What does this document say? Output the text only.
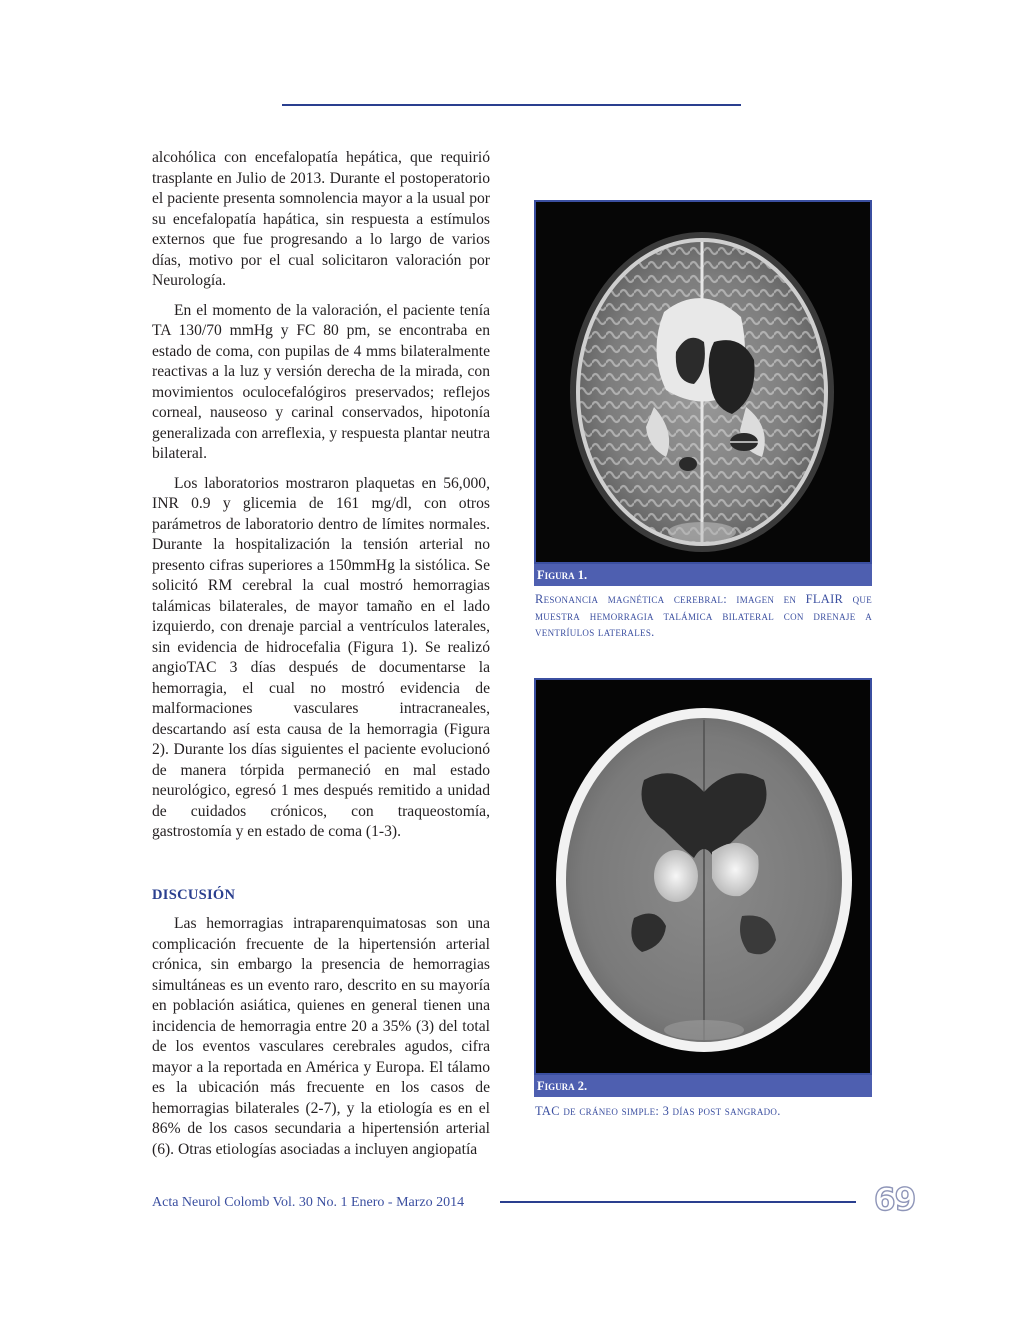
alcohólica con encefalopatía hepática, que requirió trasplante en Julio de 2013. Durante el postoperatorio el paciente presenta somnolencia mayor a la usual por su encefalopatía hapática, sin respuesta a estímulos externos que fue progresando a lo largo de varios días, motivo por el cual solicitaron valoración por Neurología.

En el momento de la valoración, el paciente tenía TA 130/70 mmHg y FC 80 pm, se encontraba en estado de coma, con pupilas de 4 mms bilateralmente reactivas a la luz y versión derecha de la mirada, con movimientos oculocefalógiros preservados; reflejos corneal, nauseoso y carinal conservados, hipotonía generalizada con arreflexia, y respuesta plantar neutra bilateral.

Los laboratorios mostraron plaquetas en 56,000, INR 0.9 y glicemia de 161 mg/dl, con otros parámetros de laboratorio dentro de límites normales. Durante la hospitalización la tensión arterial no presento cifras superiores a 150mmHg la sistólica. Se solicitó RM cerebral la cual mostró hemorragias talámicas bilaterales, de mayor tamaño en el lado izquierdo, con drenaje parcial a ventrículos laterales, sin evidencia de hidrocefalia (Figura 1). Se realizó angioTAC 3 días después de documentarse la hemorragia, el cual no mostró evidencia de malformaciones vasculares intracraneales, descartando así esta causa de la hemorragia (Figura 2). Durante los días siguientes el paciente evolucionó de manera tórpida permaneció en mal estado neurológico, egresó 1 mes después remitido a unidad de cuidados crónicos, con traqueostomía, gastrostomía y en estado de coma (1-3).

DISCUSIÓN

Las hemorragias intraparenquimatosas son una complicación frecuente de la hipertensión arterial crónica, sin embargo la presencia de hemorragias simultáneas es un evento raro, descrito en su mayoría en población asiática, quienes en general tienen una incidencia de hemorragia entre 20 a 35% (3) del total de los eventos vasculares cerebrales agudos, cifra mayor a la reportada en América y Europa. El tálamo es la ubicación más frecuente en los casos de hemorragias bilaterales (2-7), y la etiología es en el 86% de los casos secundaria a hipertensión arterial (6). Otras etiologías asociadas a incluyen angiopatía

Figura 1.
Resonancia magnética cerebral: imagen en FLAIR que muestra hemorragia talámica bilateral con drenaje a ventríulos laterales.
Figura 2.
TAC de cráneo simple: 3 días post sangrado.
Acta Neurol Colomb Vol. 30 No. 1 Enero - Marzo 2014	69
